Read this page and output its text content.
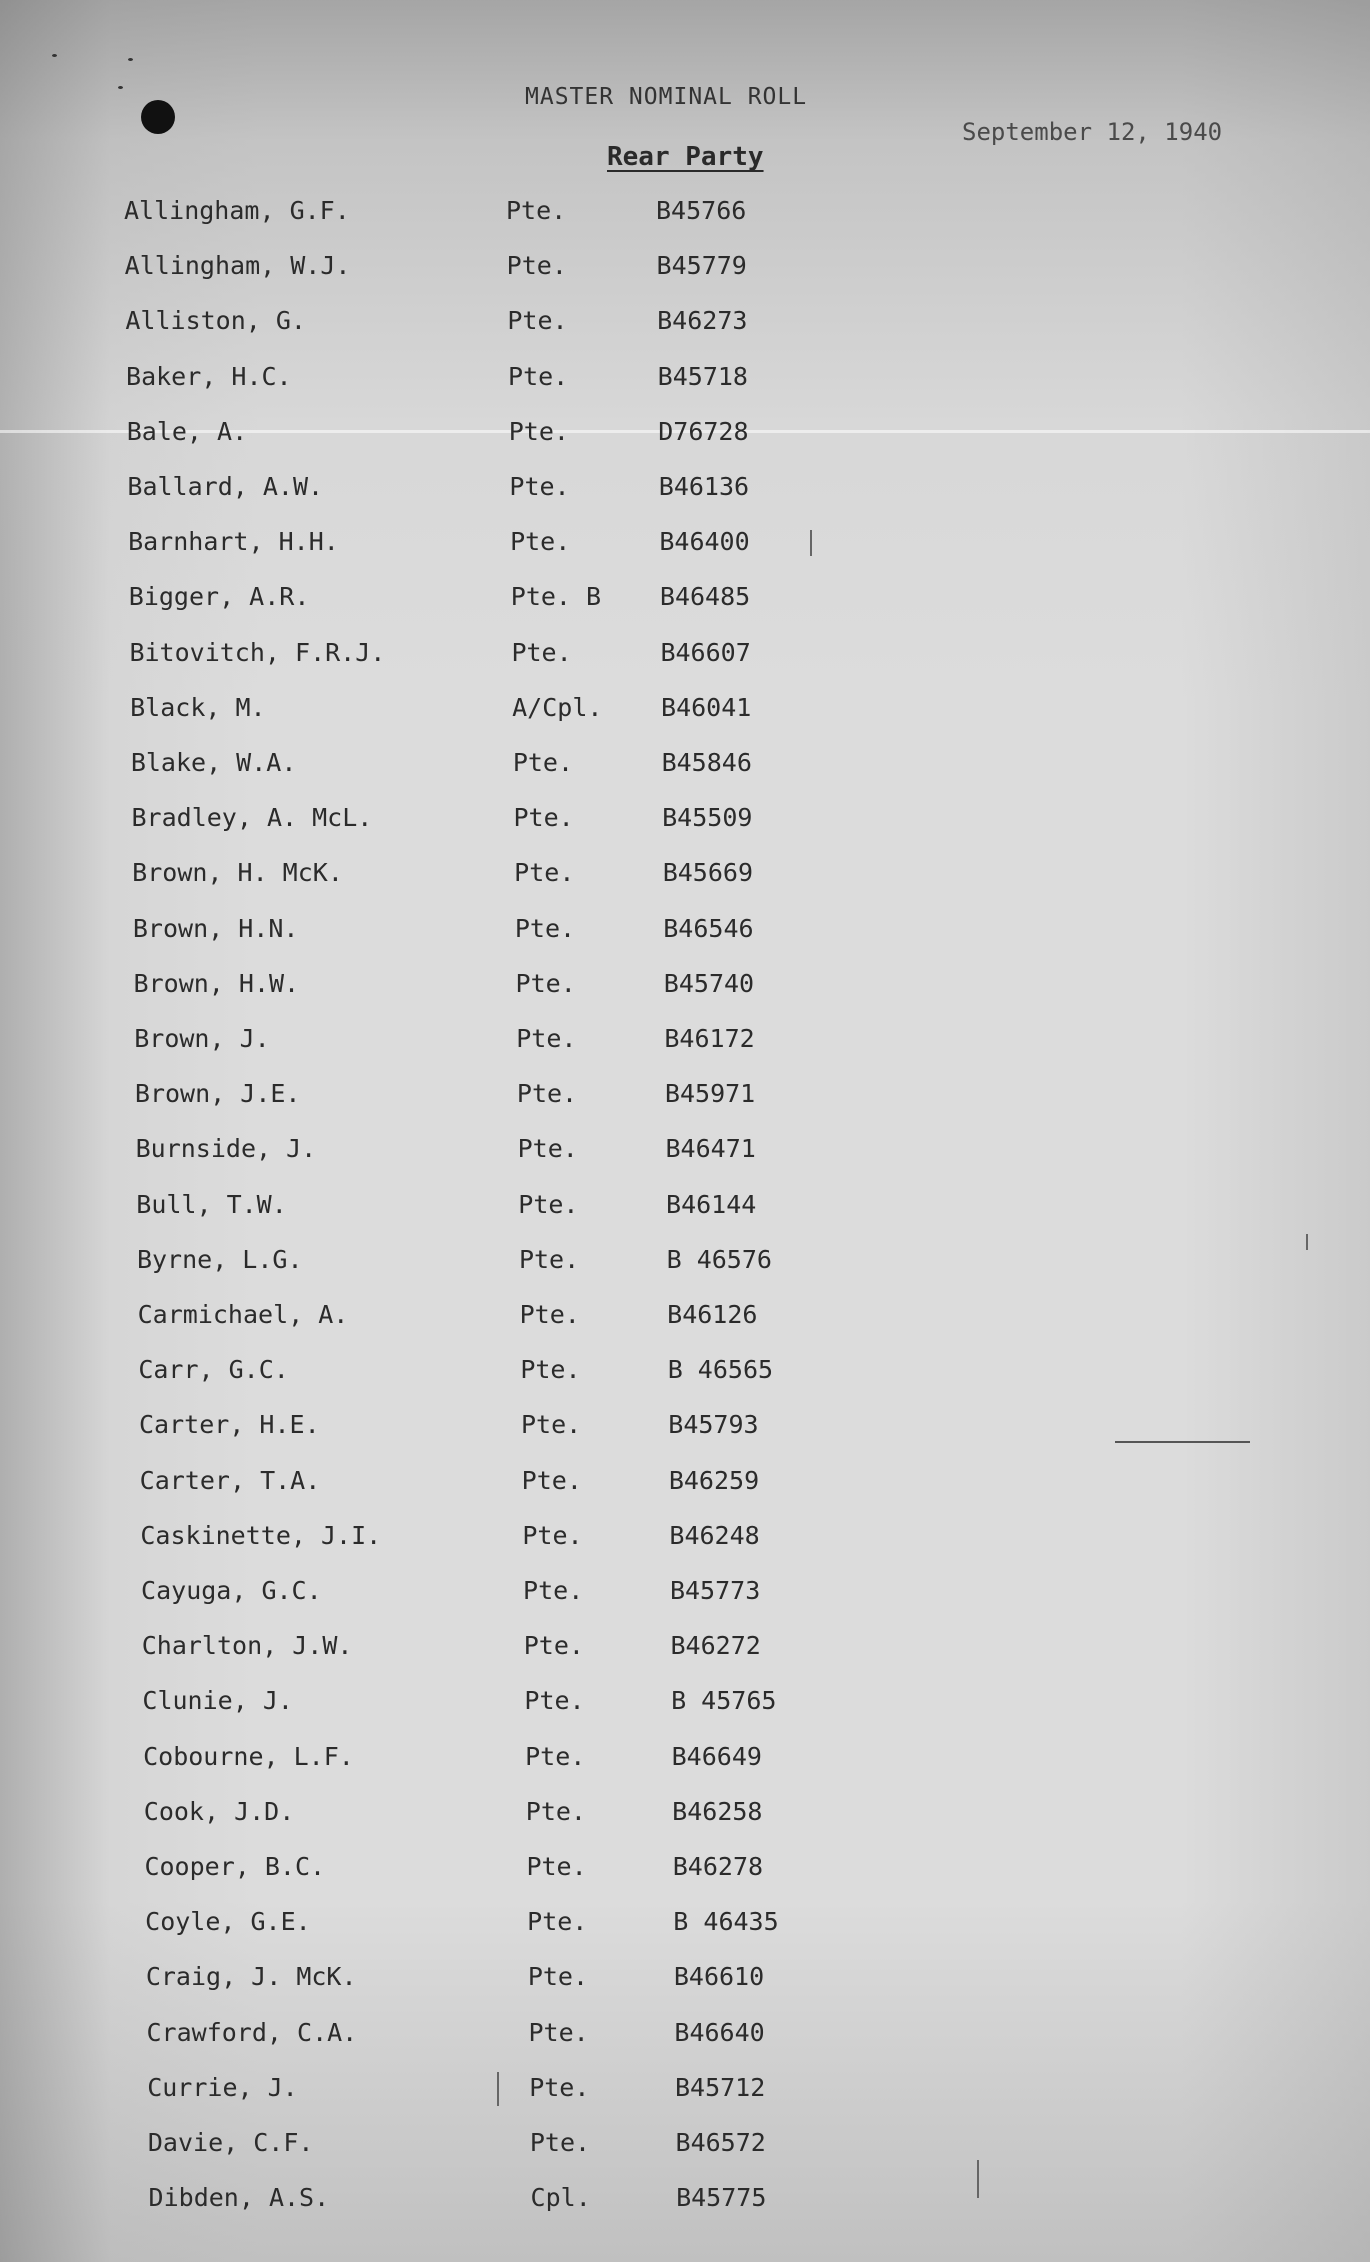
MASTER NOMINAL ROLL
September 12, 1940
Rear Party
Allingham, G.F.	Pte.	B45766
Allingham, W.J.	Pte.	B45779
Alliston, G.	Pte.	B46273
Baker, H.C.	Pte.	B45718
Bale, A.	Pte.	D76728
Ballard, A.W.	Pte.	B46136
Barnhart, H.H.	Pte.	B46400
Bigger, A.R.	Pte. B B46485
Bitovitch, F.R.J.	Pte.	B46607
Black, M.	A/Cpl. B46041
Blake, W.A.	Pte.	B45846
Bradley, A. McL.	Pte.	B45509
Brown, H. McK.	Pte.	B45669
Brown, H.N.	Pte.	B46546
Brown, H.W.	Pte.	B45740
Brown, J.	Pte.	B46172
Brown, J.E.	Pte.	B45971
Burnside, J.	Pte.	B46471
Bull, T.W.	Pte.	B46144
Byrne, L.G.	Pte.	B 46576
Carmichael, A.	Pte.	B46126
Carr, G.C.	Pte.	B 46565
Carter, H.E.	Pte.	B45793
Carter, T.A.	Pte.	B46259
Caskinette, J.I.	Pte.	B46248
Cayuga, G.C.	Pte.	B45773
Charlton, J.W.	Pte.	B46272
Clunie, J.	Pte.	B 45765
Cobourne, L.F.	Pte.	B46649
Cook, J.D.	Pte.	B46258
Cooper, B.C.	Pte.	B46278
Coyle, G.E.	Pte.	B 46435
Craig, J. McK.	Pte.	B46610
Crawford, C.A.	Pte.	B46640
Currie, J.	Pte.	B45712
Davie, C.F.	Pte.	B46572
Dibden, A.S.	Cpl.	B45775
